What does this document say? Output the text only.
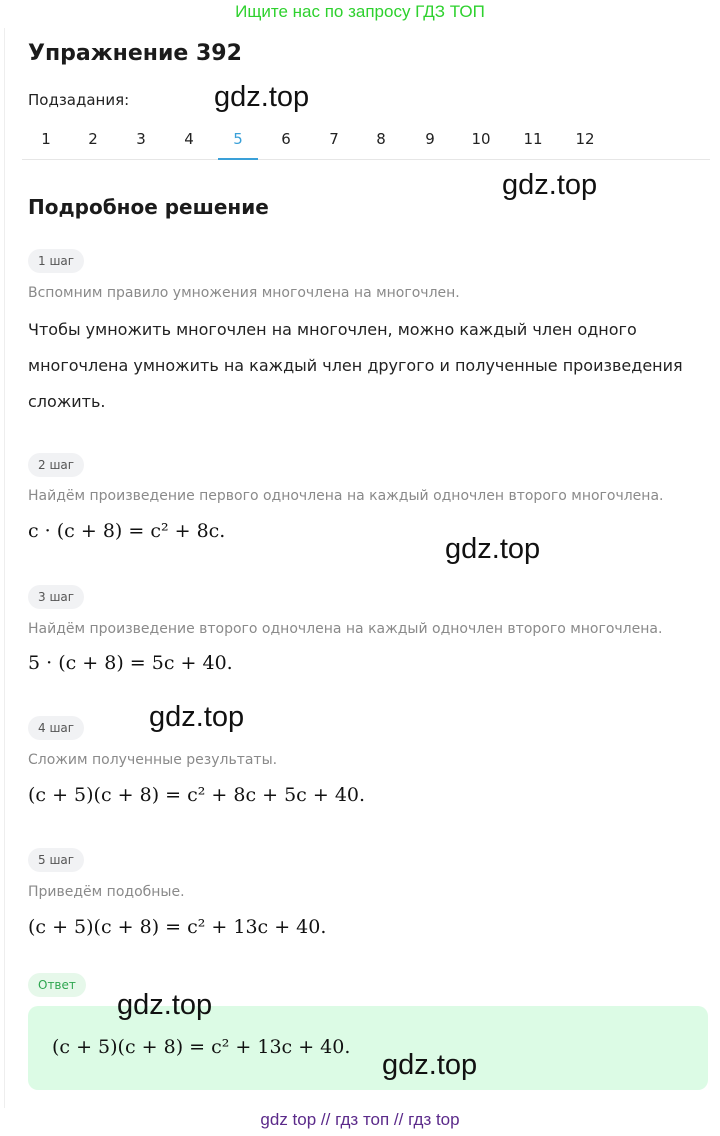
Ищите нас по запросу ГДЗ ТОП
Упражнение 392
Подзадания:
1	2	3	4	5	6	7	8	9	10	11	12
Подробное решение
1 шаг
Вспомним правило умножения многочлена на многочлен.
Чтобы умножить многочлен на многочлен, можно каждый член одного многочлена умножить на каждый член другого и полученные произведения сложить.
2 шаг
Найдём произведение первого одночлена на каждый одночлен второго многочлена.
c · (c + 8) = c² + 8c.
3 шаг
Найдём произведение второго одночлена на каждый одночлен второго многочлена.
5 · (c + 8) = 5c + 40.
4 шаг
Сложим полученные результаты.
(c + 5)(c + 8) = c² + 8c + 5c + 40.
5 шаг
Приведём подобные.
(c + 5)(c + 8) = c² + 13c + 40.
Ответ
(c + 5)(c + 8) = c² + 13c + 40.
gdz.top
gdz.top
gdz.top
gdz.top
gdz.top
gdz.top
gdz top // гдз топ // гдз top
